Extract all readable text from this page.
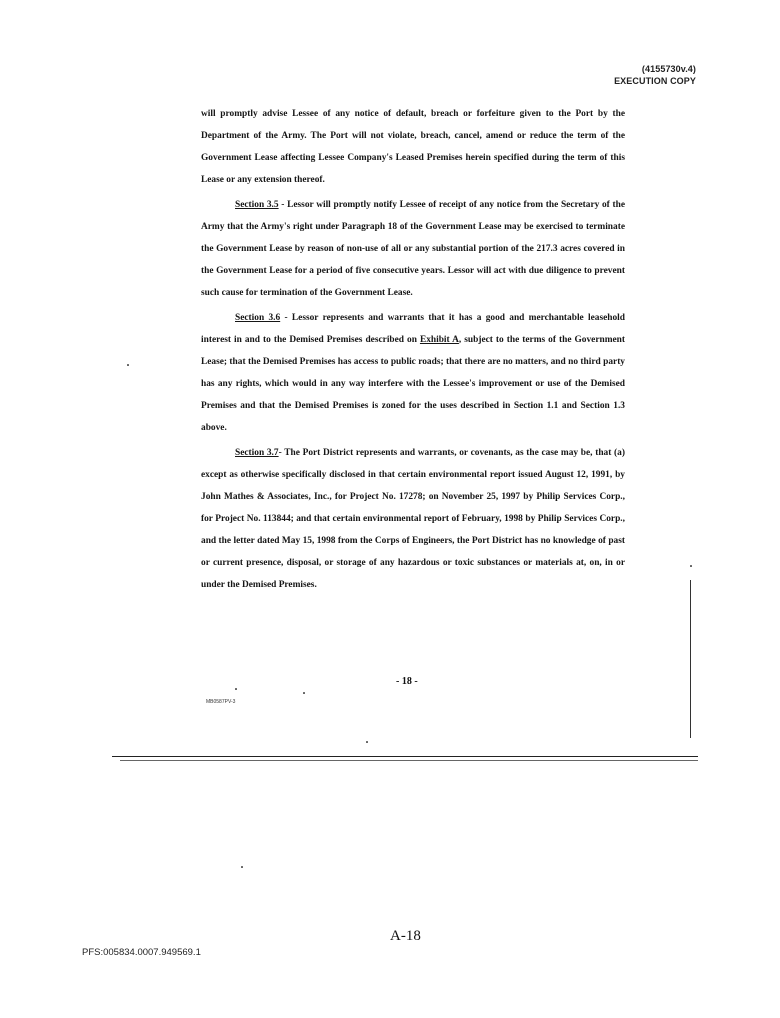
(4155730v.4)
EXECUTION COPY

will promptly advise Lessee of any notice of default, breach or forfeiture given to the Port by the Department of the Army. The Port will not violate, breach, cancel, amend or reduce the term of the Government Lease affecting Lessee Company's Leased Premises herein specified during the term of this Lease or any extension thereof.

Section 3.5 - Lessor will promptly notify Lessee of receipt of any notice from the Secretary of the Army that the Army's right under Paragraph 18 of the Government Lease may be exercised to terminate the Government Lease by reason of non-use of all or any substantial portion of the 217.3 acres covered in the Government Lease for a period of five consecutive years. Lessor will act with due diligence to prevent such cause for termination of the Government Lease.

Section 3.6 - Lessor represents and warrants that it has a good and merchantable leasehold interest in and to the Demised Premises described on Exhibit A, subject to the terms of the Government Lease; that the Demised Premises has access to public roads; that there are no matters, and no third party has any rights, which would in any way interfere with the Lessee's improvement or use of the Demised Premises and that the Demised Premises is zoned for the uses described in Section 1.1 and Section 1.3 above.

Section 3.7- The Port District represents and warrants, or covenants, as the case may be, that (a) except as otherwise specifically disclosed in that certain environmental report issued August 12, 1991, by John Mathes & Associates, Inc., for Project No. 17278; on November 25, 1997 by Philip Services Corp., for Project No. 113844; and that certain environmental report of February, 1998 by Philip Services Corp., and the letter dated May 15, 1998 from the Corps of Engineers, the Port District has no knowledge of past or current presence, disposal, or storage of any hazardous or toxic substances or materials at, on, in or under the Demised Premises.

- 18 -
MB0587PV-3
A-18
PFS:005834.0007.949569.1
